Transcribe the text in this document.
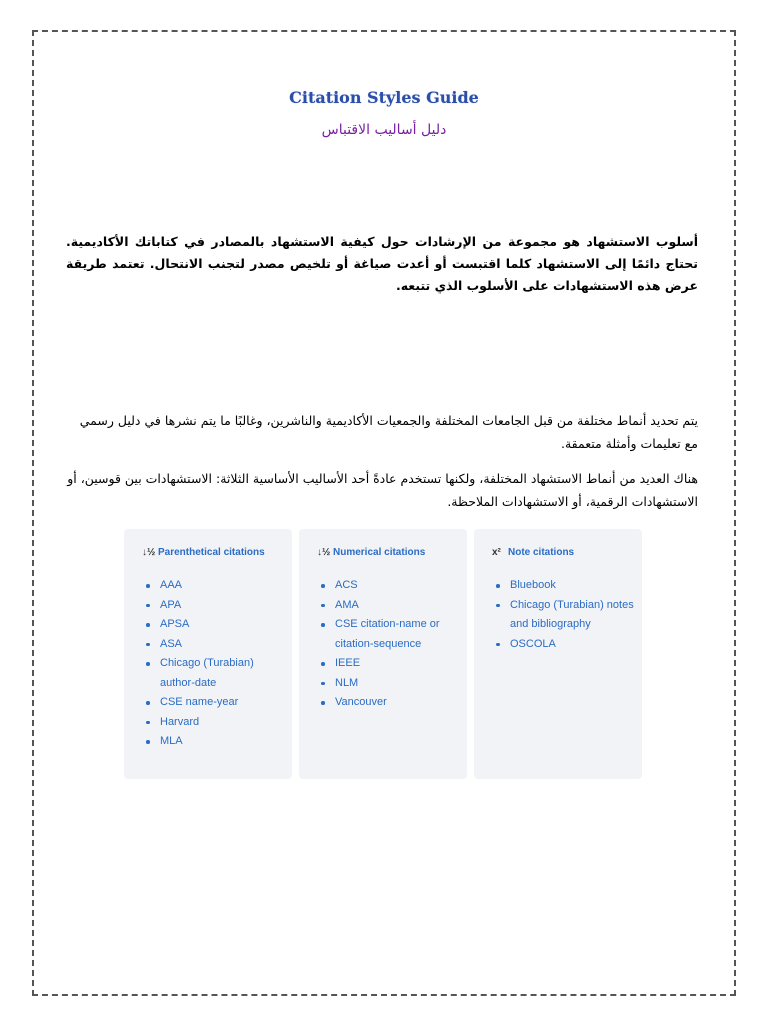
Citation Styles Guide
دليل أساليب الاقتباس
أسلوب الاستشهاد هو مجموعة من الإرشادات حول كيفية الاستشهاد بالمصادر في كتاباتك الأكاديمية. تحتاج دائمًا إلى الاستشهاد كلما اقتبست أو أعدت صياغة أو تلخيص مصدر لتجنب الانتحال. تعتمد طريقة عرض هذه الاستشهادات على الأسلوب الذي تتبعه.
يتم تحديد أنماط مختلفة من قبل الجامعات المختلفة والجمعيات الأكاديمية والناشرين، وغالبًا ما يتم نشرها في دليل رسمي مع تعليمات وأمثلة متعمقة.
هناك العديد من أنماط الاستشهاد المختلفة، ولكنها تستخدم عادةً أحد الأساليب الأساسية الثلاثة: الاستشهادات بين قوسين، أو الاستشهادات الرقمية، أو الاستشهادات الملاحظة.
↓½ Parenthetical citations
AAA
APA
APSA
ASA
Chicago (Turabian) author-date
CSE name-year
Harvard
MLA
↓½ Numerical citations
ACS
AMA
CSE citation-name or citation-sequence
IEEE
NLM
Vancouver
x² Note citations
Bluebook
Chicago (Turabian) notes and bibliography
OSCOLA
